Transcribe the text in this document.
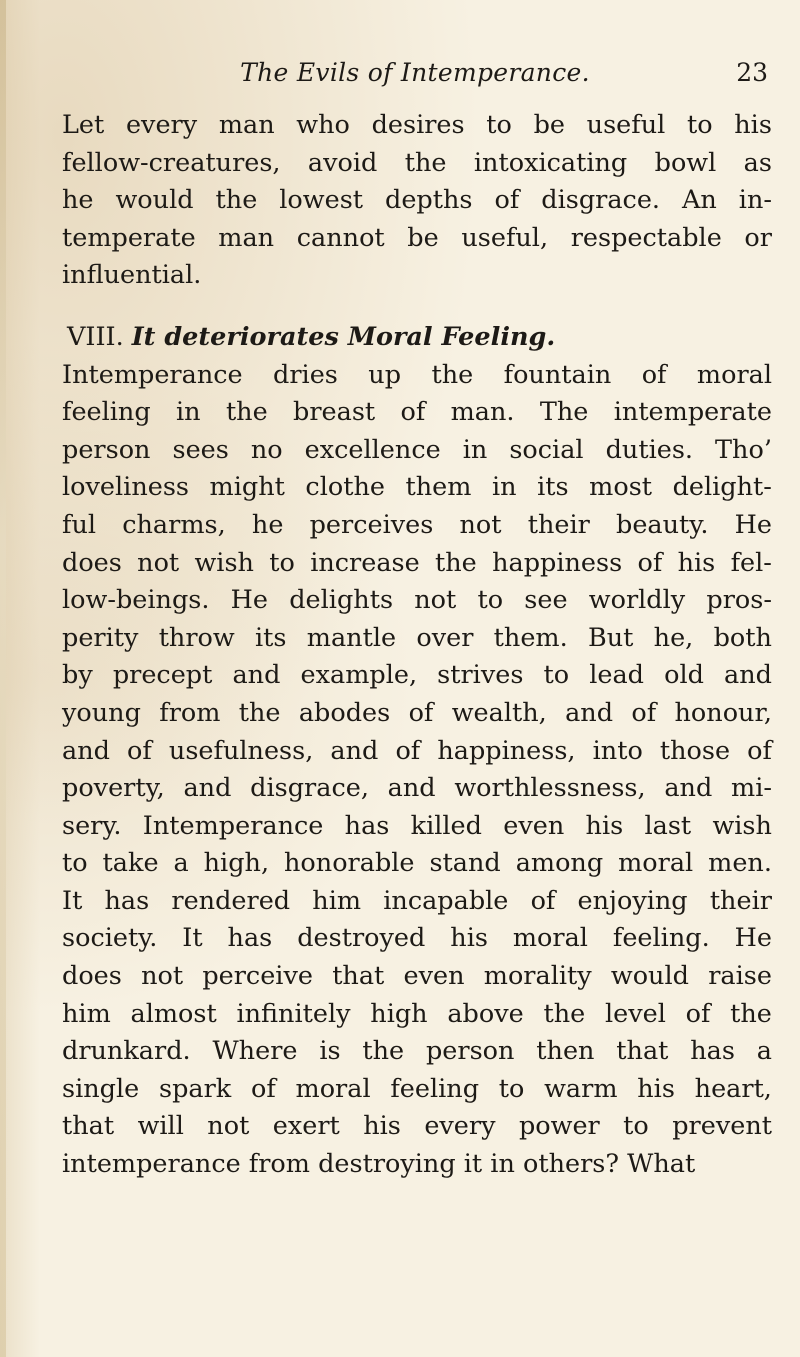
The Evils of Intemperance.	23
Let every man who desires to be useful to his
fellow-creatures, avoid the intoxicating bowl as
he would the lowest depths of disgrace. An in-
temperate man cannot be useful, respectable or
influential.
VIII. It deteriorates Moral Feeling.
Intemperance dries up the fountain of moral
feeling in the breast of man. The intemperate
person sees no excellence in social duties. Tho’
loveliness might clothe them in its most delight-
ful charms, he perceives not their beauty. He
does not wish to increase the happiness of his fel-
low-beings. He delights not to see worldly pros-
perity throw its mantle over them. But he, both
by precept and example, strives to lead old and
young from the abodes of wealth, and of honour,
and of usefulness, and of happiness, into those of
poverty, and disgrace, and worthlessness, and mi-
sery. Intemperance has killed even his last wish
to take a high, honorable stand among moral men.
It has rendered him incapable of enjoying their
society. It has destroyed his moral feeling. He
does not perceive that even morality would raise
him almost infinitely high above the level of the
drunkard. Where is the person then that has a
single spark of moral feeling to warm his heart,
that will not exert his every power to prevent
intemperance from destroying it in others? What
